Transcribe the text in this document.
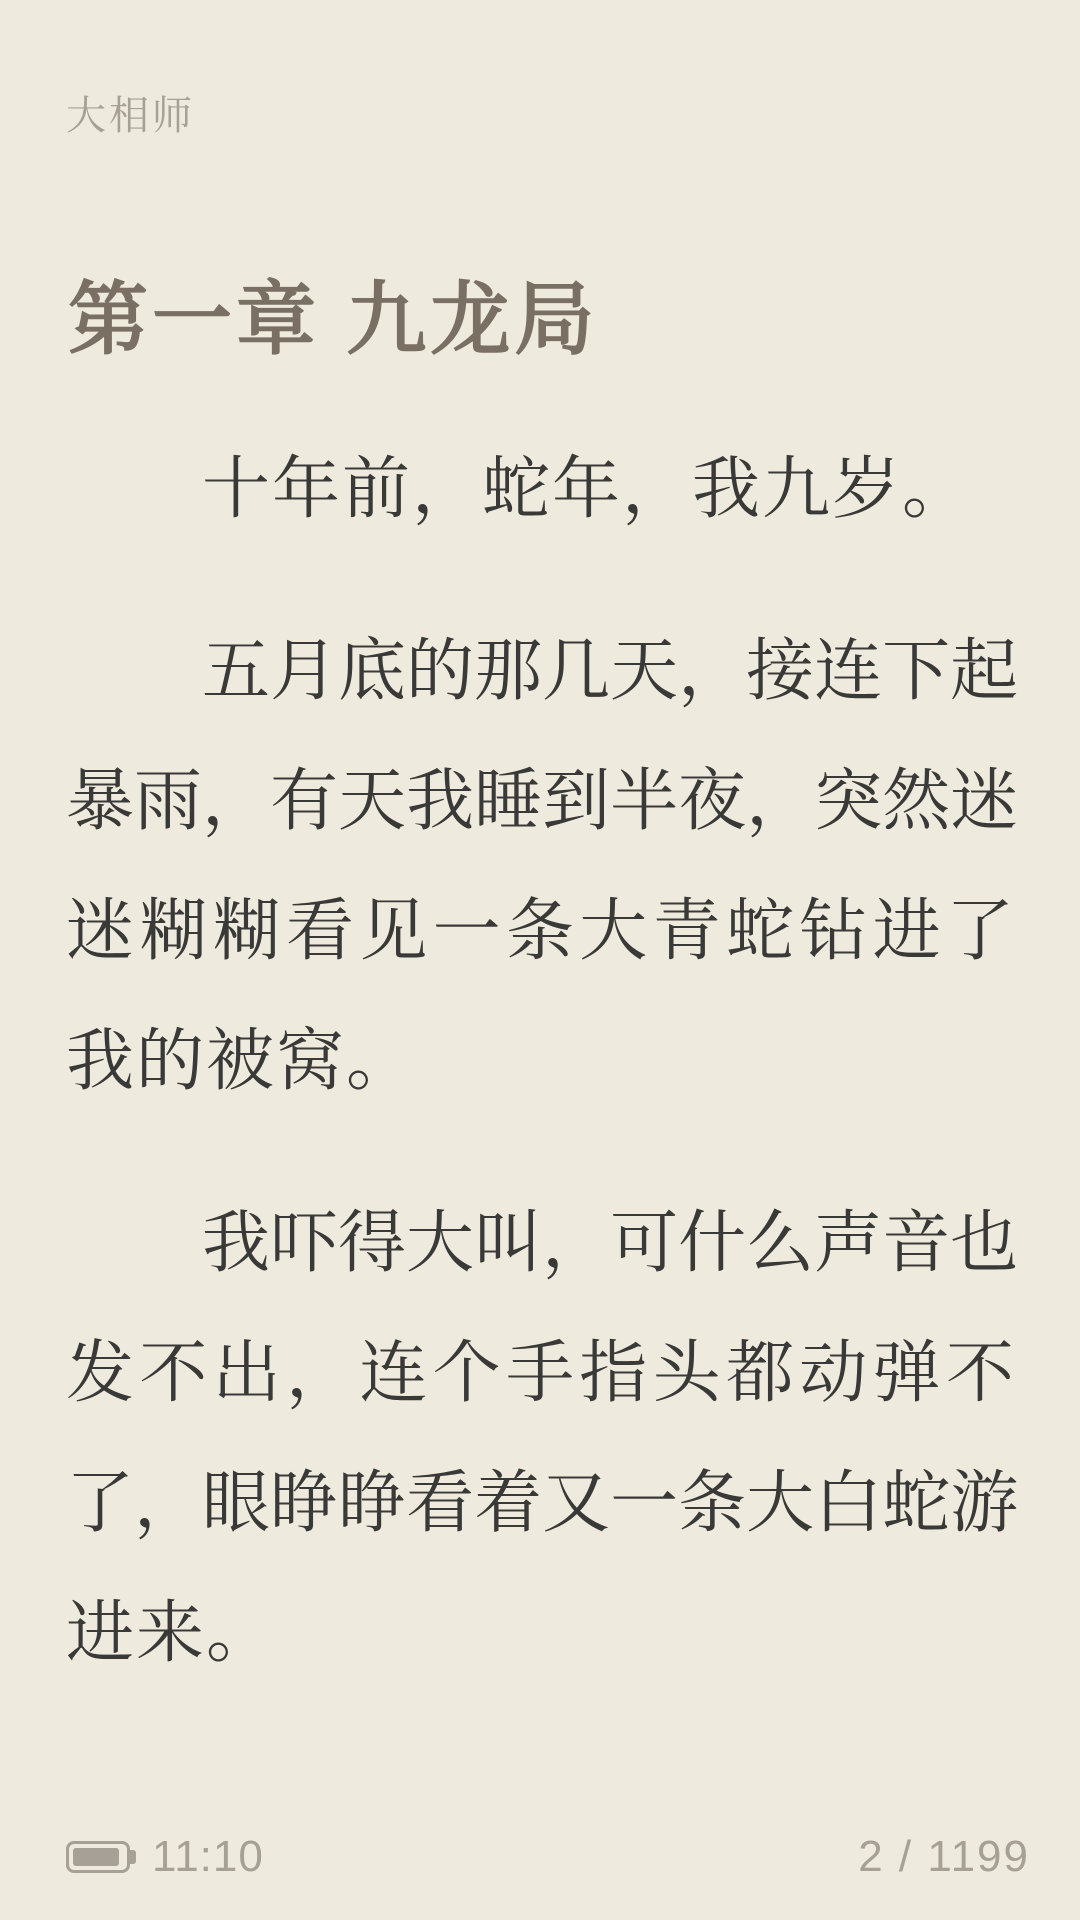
大相师
第一章 九龙局

十年前，蛇年，我九岁。

五 月 底 的 那 几 天 ， 接 连 下 起
暴 雨 ， 有 天 我 睡 到 半 夜 ， 突 然 迷
迷 糊 糊 看 见 一 条 大 青 蛇 钻 进 了
我的被窝。

我 吓 得 大 叫 ， 可 什 么 声 音 也
发 不 出 ， 连 个 手 指 头 都 动 弹 不
了 ， 眼 睁 睁 看 着 又 一 条 大 白 蛇 游
进来。

11:10	2 / 1199
